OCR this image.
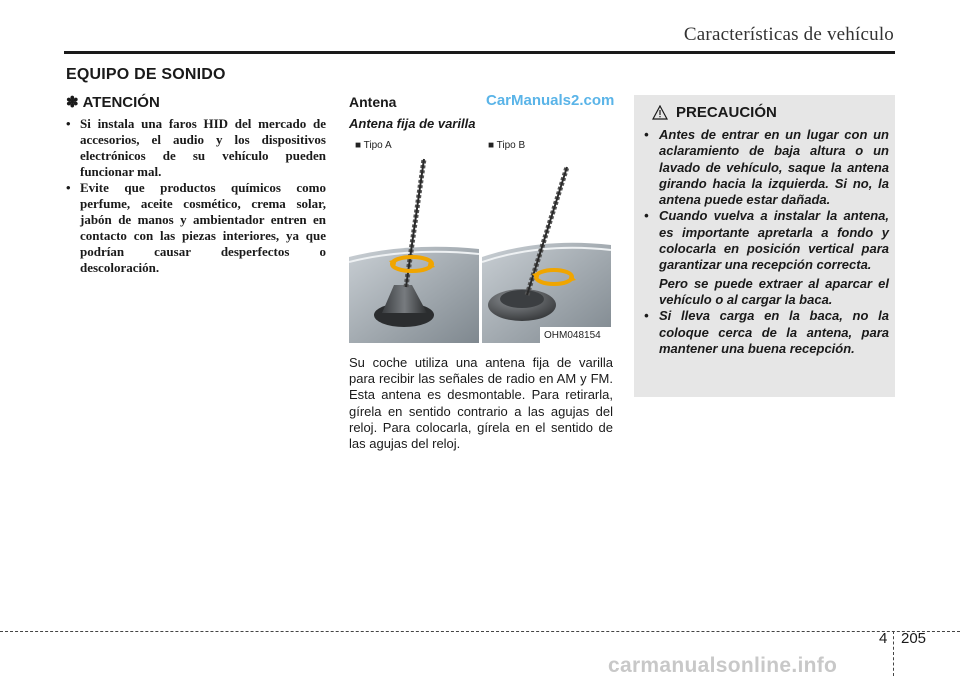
Características de vehículo
EQUIPO DE SONIDO
✽ ATENCIÓN
• Si instala una faros HID del mercado de accesorios, el audio y los dispositivos electrónicos de su vehículo pueden funcionar mal.
• Evite que productos químicos como perfume, aceite cosmético, crema solar, jabón de manos y ambientador entren en contacto con las piezas interiores, ya que podrían causar desperfectos o descoloración.
Antena	CarManuals2.com
Antena fija de varilla
■ Tipo A	■ Tipo B
OHM048154
Su coche utiliza una antena fija de varilla para recibir las señales de radio en AM y FM. Esta antena es desmontable. Para retirarla, gírela en sentido contrario a las agujas del reloj. Para colocarla, gírela en el sentido de las agujas del reloj.
PRECAUCIÓN
• Antes de entrar en un lugar con un aclaramiento de baja altura o un lavado de vehículo, saque la antena girando hacia la izquierda. Si no, la antena puede estar dañada.
• Cuando vuelva a instalar la antena, es importante apretarla a fondo y colocarla en posición vertical para garantizar una recepción correcta.
Pero se puede extraer al aparcar el vehículo o al cargar la baca.
• Si lleva carga en la baca, no la coloque cerca de la antena, para mantener una buena recepción.
4 205
carmanualsonline.info
